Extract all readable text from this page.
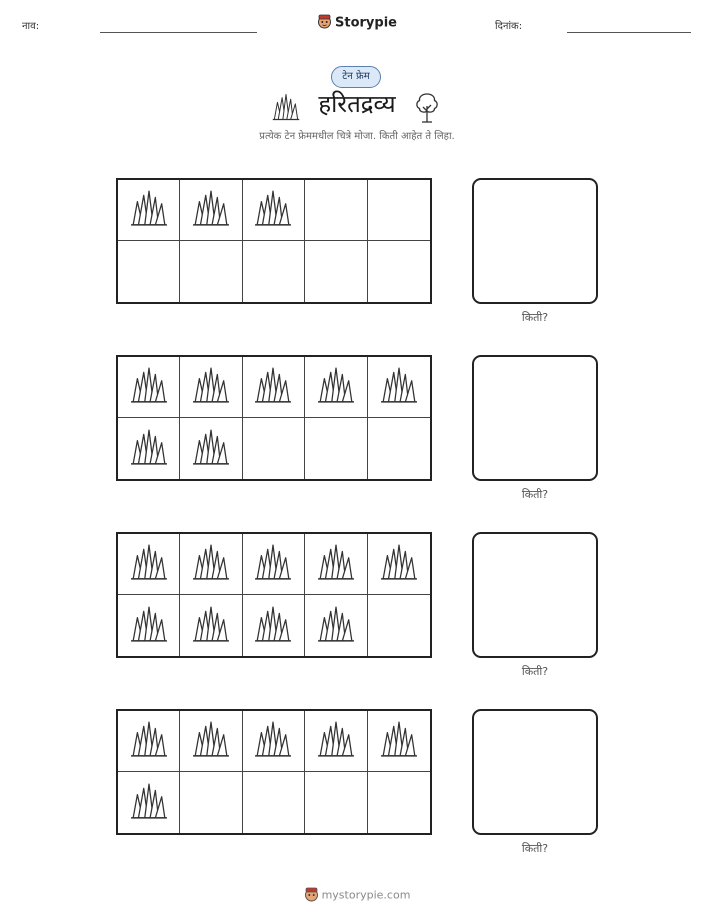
नाव:	Storypie	दिनांक:
टेन फ्रेम
हरितद्रव्य
प्रत्येक टेन फ्रेममधील चित्रे मोजा. किती आहेत ते लिहा.
किती?
किती?
किती?
किती?
mystorypie.com
